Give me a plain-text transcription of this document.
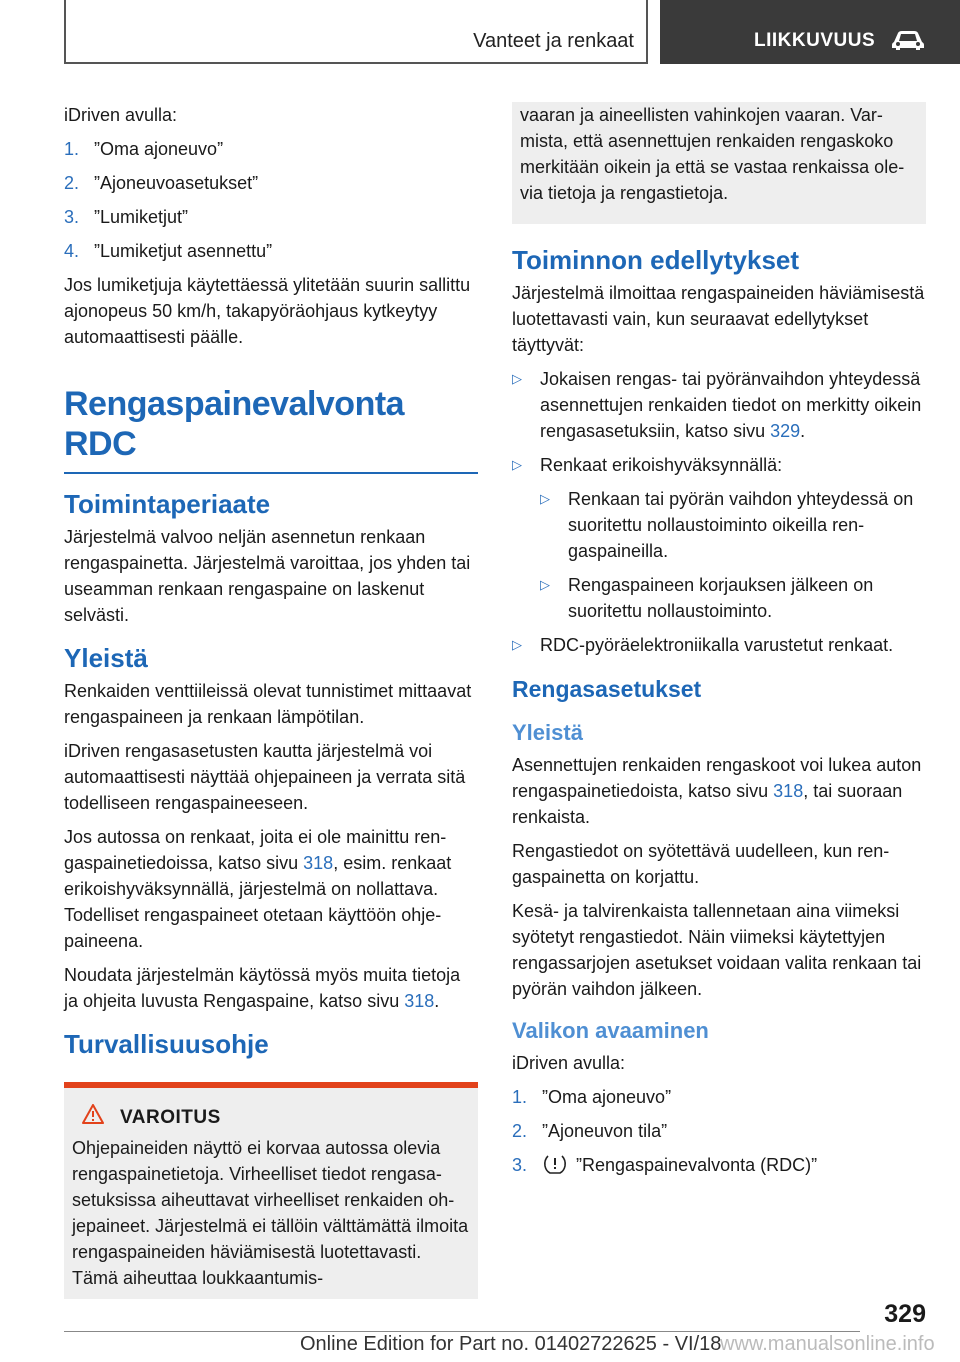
Vanteet ja renkaat	LIIKKUVUUS

iDriven avulla:

1. ”Oma ajoneuvo”
2. ”Ajoneuvoasetukset”
3. ”Lumiketjut”
4. ”Lumiketjut asennettu”

Jos lumiketjuja käytettäessä ylitetään suurin sallittu ajonopeus 50 km/h, takapyöräohjaus kytkeytyy automaattisesti päälle.

Rengaspainevalvonta RDC
Toimintaperiaate

Järjestelmä valvoo neljän asennetun renkaan rengaspainetta. Järjestelmä varoittaa, jos yhden tai useamman renkaan rengaspaine on laskenut selvästi.

Yleistä

Renkaiden venttiileissä olevat tunnistimet mittaavat rengaspaineen ja renkaan lämpötilan.

iDriven rengasasetusten kautta järjestelmä voi automaattisesti näyttää ohjepaineen ja verrata sitä todelliseen rengaspaineeseen.

Jos autossa on renkaat, joita ei ole mainittu rengaspainetiedoissa, katso sivu 318, esim. renkaat erikoishyväksynnällä, järjestelmä on nollattava. Todelliset rengaspaineet otetaan käyttöön ohjepaineena.

Noudata järjestelmän käytössä myös muita tietoja ja ohjeita luvusta Rengaspaine, katso sivu 318.

Turvallisuusohje
VAROITUS

Ohjepaineiden näyttö ei korvaa autossa olevia rengaspainetietoja. Virheelliset tiedot rengasasetuksissa aiheuttavat virheelliset renkaiden ohjepaineet. Järjestelmä ei tällöin välttämättä ilmoita rengaspaineiden häviämisestä luotettavasti. Tämä aiheuttaa loukkaantumis-

vaaran ja aineellisten vahinkojen vaaran. Varmista, että asennettujen renkaiden rengaskoko merkitään oikein ja että se vastaa renkaissa olevia tietoja ja rengastietoja.

Toiminnon edellytykset

Järjestelmä ilmoittaa rengaspaineiden häviämisestä luotettavasti vain, kun seuraavat edellytykset täyttyvät:

▷ Jokaisen rengas- tai pyöränvaihdon yhteydessä asennettujen renkaiden tiedot on merkitty oikein rengasasetuksiin, katso sivu 329.
▷ Renkaat erikoishyväksynnällä:
▷ Renkaan tai pyörän vaihdon yhteydessä on suoritettu nollaustoiminto oikeilla rengaspaineilla.
▷ Rengaspaineen korjauksen jälkeen on suoritettu nollaustoiminto.
▷ RDC-pyöräelektroniikalla varustetut renkaat.
Rengasasetukset
Yleistä

Asennettujen renkaiden rengaskoot voi lukea auton rengaspainetiedoista, katso sivu 318, tai suoraan renkaista.

Rengastiedot on syötettävä uudelleen, kun rengaspainetta on korjattu.

Kesä- ja talvirenkaista tallennetaan aina viimeksi syötetyt rengastiedot. Näin viimeksi käytettyjen rengassarjojen asetukset voidaan valita renkaan tai pyörän vaihdon jälkeen.

Valikon avaaminen

iDriven avulla:

1. ”Oma ajoneuvo”
2. ”Ajoneuvon tila”
3.	”Rengaspainevalvonta (RDC)”
329
Online Edition for Part no. 01402722625 - VI/18
www.manualsonline.info
